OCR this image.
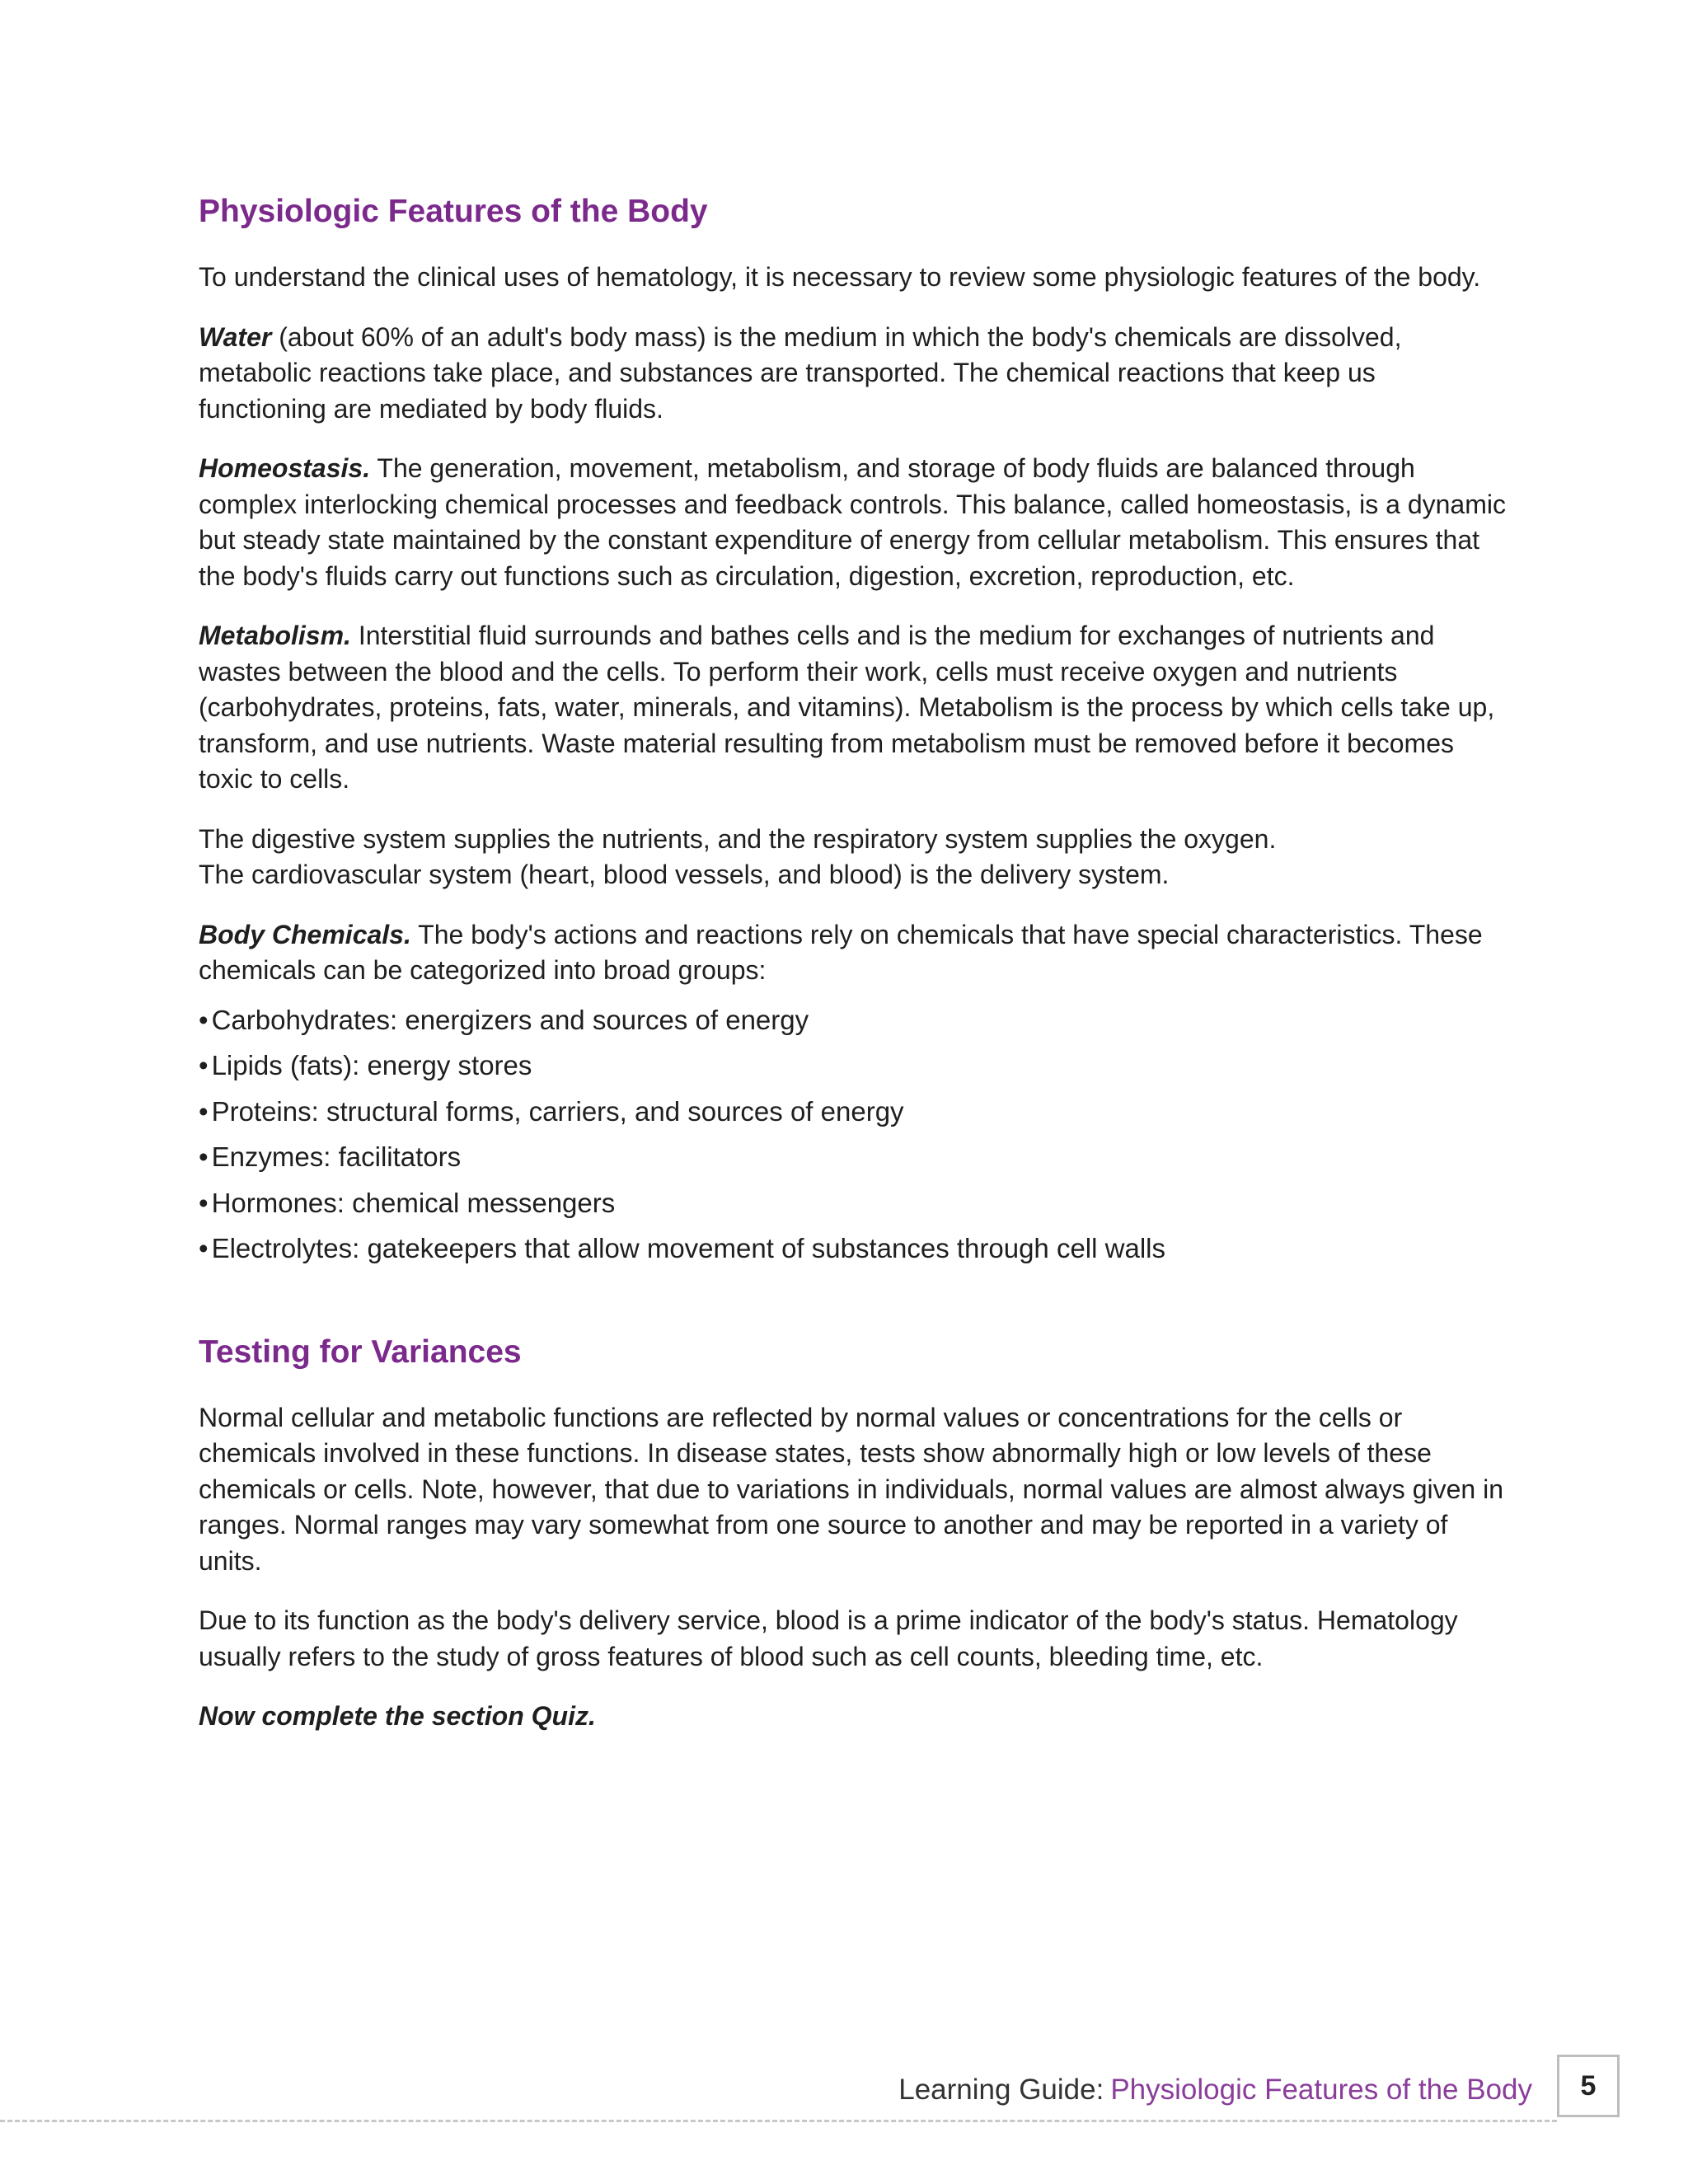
Physiologic Features of the Body

To understand the clinical uses of hematology, it is necessary to review some physiologic features of the body.

Water (about 60% of an adult's body mass) is the medium in which the body's chemicals are dissolved, metabolic reactions take place, and substances are transported. The chemical reactions that keep us functioning are mediated by body fluids.

Homeostasis. The generation, movement, metabolism, and storage of body fluids are balanced through complex interlocking chemical processes and feedback controls. This balance, called homeostasis, is a dynamic but steady state maintained by the constant expenditure of energy from cellular metabolism. This ensures that the body's fluids carry out functions such as circulation, digestion, excretion, reproduction, etc.

Metabolism. Interstitial fluid surrounds and bathes cells and is the medium for exchanges of nutrients and wastes between the blood and the cells. To perform their work, cells must receive oxygen and nutrients (carbohydrates, proteins, fats, water, minerals, and vitamins). Metabolism is the process by which cells take up, transform, and use nutrients. Waste material resulting from metabolism must be removed before it becomes toxic to cells.

The digestive system supplies the nutrients, and the respiratory system supplies the oxygen.
The cardiovascular system (heart, blood vessels, and blood) is the delivery system.

Body Chemicals. The body's actions and reactions rely on chemicals that have special characteristics. These chemicals can be categorized into broad groups:

• Carbohydrates: energizers and sources of energy
• Lipids (fats): energy stores
• Proteins: structural forms, carriers, and sources of energy
• Enzymes: facilitators
• Hormones: chemical messengers
• Electrolytes: gatekeepers that allow movement of substances through cell walls
Testing for Variances

Normal cellular and metabolic functions are reflected by normal values or concentrations for the cells or chemicals involved in these functions. In disease states, tests show abnormally high or low levels of these chemicals or cells. Note, however, that due to variations in individuals, normal values are almost always given in ranges. Normal ranges may vary somewhat from one source to another and may be reported in a variety of units.

Due to its function as the body's delivery service, blood is a prime indicator of the body's status. Hematology usually refers to the study of gross features of blood such as cell counts, bleeding time, etc.

Now complete the section Quiz.

Learning Guide: Physiologic Features of the Body 5
